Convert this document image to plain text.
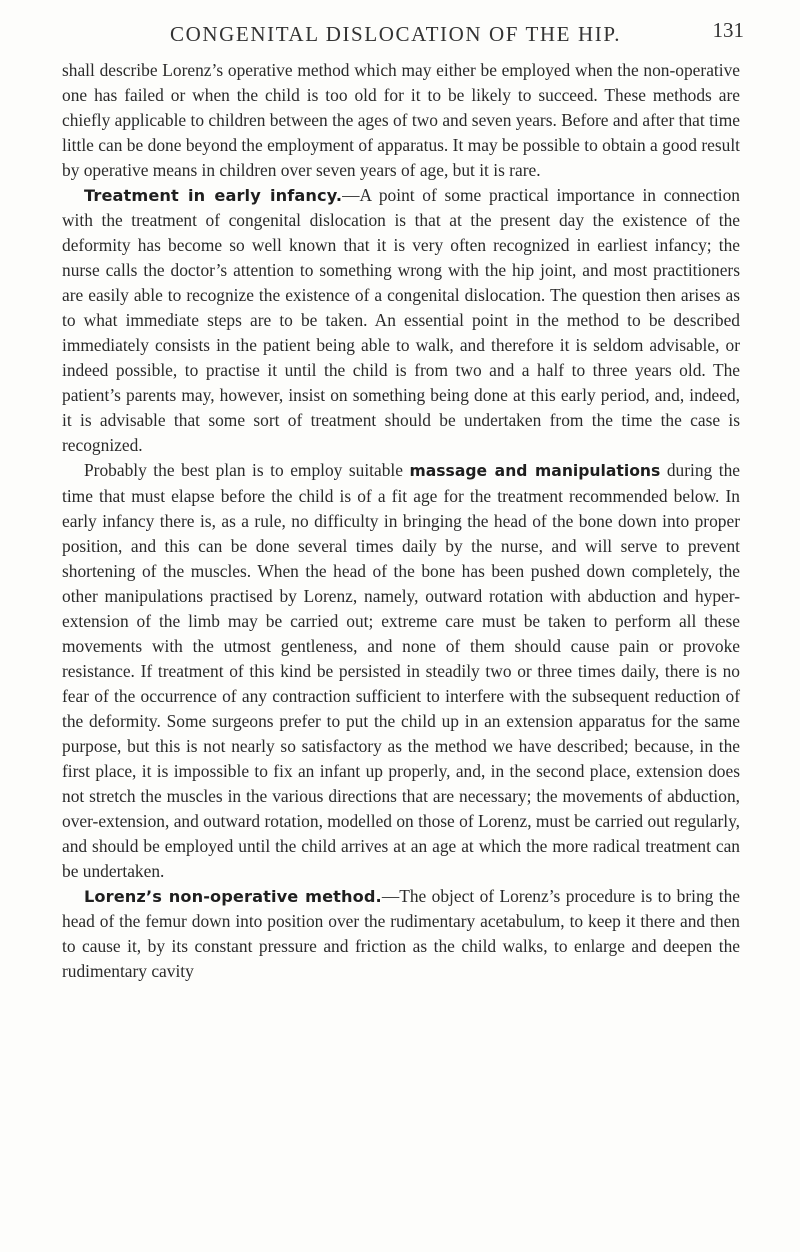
CONGENITAL DISLOCATION OF THE HIP.	131

shall describe Lorenz’s operative method which may either be employed when the non-operative one has failed or when the child is too old for it to be likely to succeed. These methods are chiefly applicable to children between the ages of two and seven years. Before and after that time little can be done beyond the employment of apparatus. It may be possible to obtain a good result by operative means in children over seven years of age, but it is rare.

Treatment in early infancy.—A point of some practical importance in connection with the treatment of congenital dislocation is that at the present day the existence of the deformity has become so well known that it is very often recognized in earliest infancy; the nurse calls the doctor’s attention to something wrong with the hip joint, and most practitioners are easily able to recognize the existence of a congenital dislocation. The question then arises as to what immediate steps are to be taken. An essential point in the method to be described immediately consists in the patient being able to walk, and therefore it is seldom advisable, or indeed possible, to practise it until the child is from two and a half to three years old. The patient’s parents may, however, insist on something being done at this early period, and, indeed, it is advisable that some sort of treatment should be undertaken from the time the case is recognized.

Probably the best plan is to employ suitable massage and manipulations during the time that must elapse before the child is of a fit age for the treatment recommended below. In early infancy there is, as a rule, no difficulty in bringing the head of the bone down into proper position, and this can be done several times daily by the nurse, and will serve to prevent shortening of the muscles. When the head of the bone has been pushed down completely, the other manipulations practised by Lorenz, namely, outward rotation with abduction and hyper-extension of the limb may be carried out; extreme care must be taken to perform all these movements with the utmost gentleness, and none of them should cause pain or provoke resistance. If treatment of this kind be persisted in steadily two or three times daily, there is no fear of the occurrence of any contraction sufficient to interfere with the subsequent reduction of the deformity. Some surgeons prefer to put the child up in an extension apparatus for the same purpose, but this is not nearly so satisfactory as the method we have described; because, in the first place, it is impossible to fix an infant up properly, and, in the second place, extension does not stretch the muscles in the various directions that are necessary; the movements of abduction, over-extension, and outward rotation, modelled on those of Lorenz, must be carried out regularly, and should be employed until the child arrives at an age at which the more radical treatment can be undertaken.

Lorenz’s non-operative method.—The object of Lorenz’s procedure is to bring the head of the femur down into position over the rudimentary acetabulum, to keep it there and then to cause it, by its constant pressure and friction as the child walks, to enlarge and deepen the rudimentary cavity
